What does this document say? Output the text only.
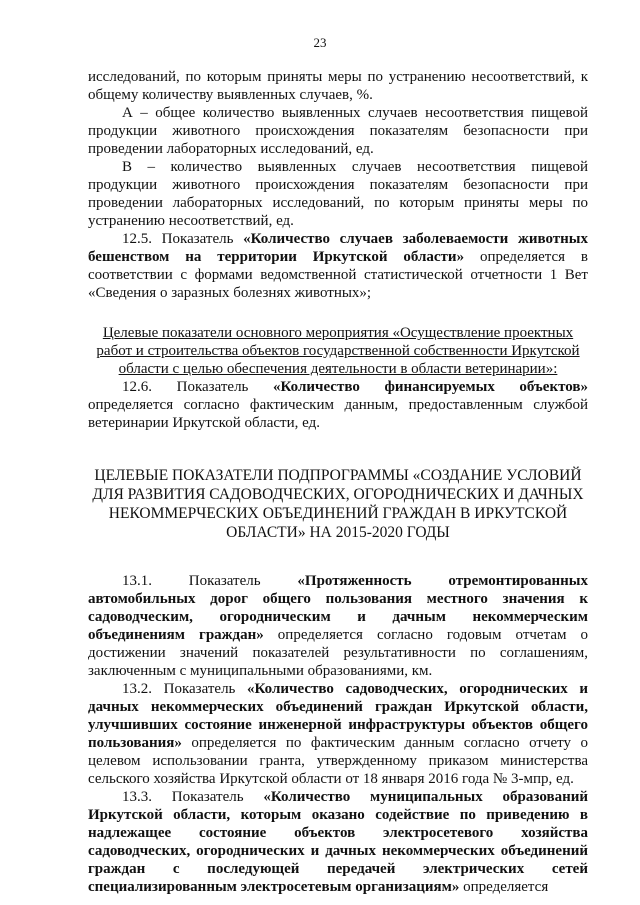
23

исследований, по которым приняты меры по устранению несоответствий, к общему количеству выявленных случаев, %.

А – общее количество выявленных случаев несоответствия пищевой продукции животного происхождения показателям безопасности при проведении лабораторных исследований, ед.

В – количество выявленных случаев несоответствия пищевой продукции животного происхождения показателям безопасности при проведении лабораторных исследований, по которым приняты меры по устранению несоответствий, ед.

12.5. Показатель «Количество случаев заболеваемости животных бешенством на территории Иркутской области» определяется в соответствии с формами ведомственной статистической отчетности 1 Вет «Сведения о заразных болезнях животных»;

Целевые показатели основного мероприятия «Осуществление проектных работ и строительства объектов государственной собственности Иркутской области с целью обеспечения деятельности в области ветеринарии»:

12.6. Показатель «Количество финансируемых объектов» определяется согласно фактическим данным, предоставленным службой ветеринарии Иркутской области, ед.

ЦЕЛЕВЫЕ ПОКАЗАТЕЛИ ПОДПРОГРАММЫ «СОЗДАНИЕ УСЛОВИЙ ДЛЯ РАЗВИТИЯ САДОВОДЧЕСКИХ, ОГОРОДНИЧЕСКИХ И ДАЧНЫХ НЕКОММЕРЧЕСКИХ ОБЪЕДИНЕНИЙ ГРАЖДАН В ИРКУТСКОЙ ОБЛАСТИ» НА 2015-2020 ГОДЫ

13.1. Показатель «Протяженность отремонтированных автомобильных дорог общего пользования местного значения к садоводческим, огородническим и дачным некоммерческим объединениям граждан» определяется согласно годовым отчетам о достижении значений показателей результативности по соглашениям, заключенным с муниципальными образованиями, км.

13.2. Показатель «Количество садоводческих, огороднических и дачных некоммерческих объединений граждан Иркутской области, улучшивших состояние инженерной инфраструктуры объектов общего пользования» определяется по фактическим данным согласно отчету о целевом использовании гранта, утвержденному приказом министерства сельского хозяйства Иркутской области от 18 января 2016 года № 3-мпр, ед.

13.3. Показатель «Количество муниципальных образований Иркутской области, которым оказано содействие по приведению в надлежащее состояние объектов электросетевого хозяйства садоводческих, огороднических и дачных некоммерческих объединений граждан с последующей передачей электрических сетей специализированным электросетевым организациям» определяется
